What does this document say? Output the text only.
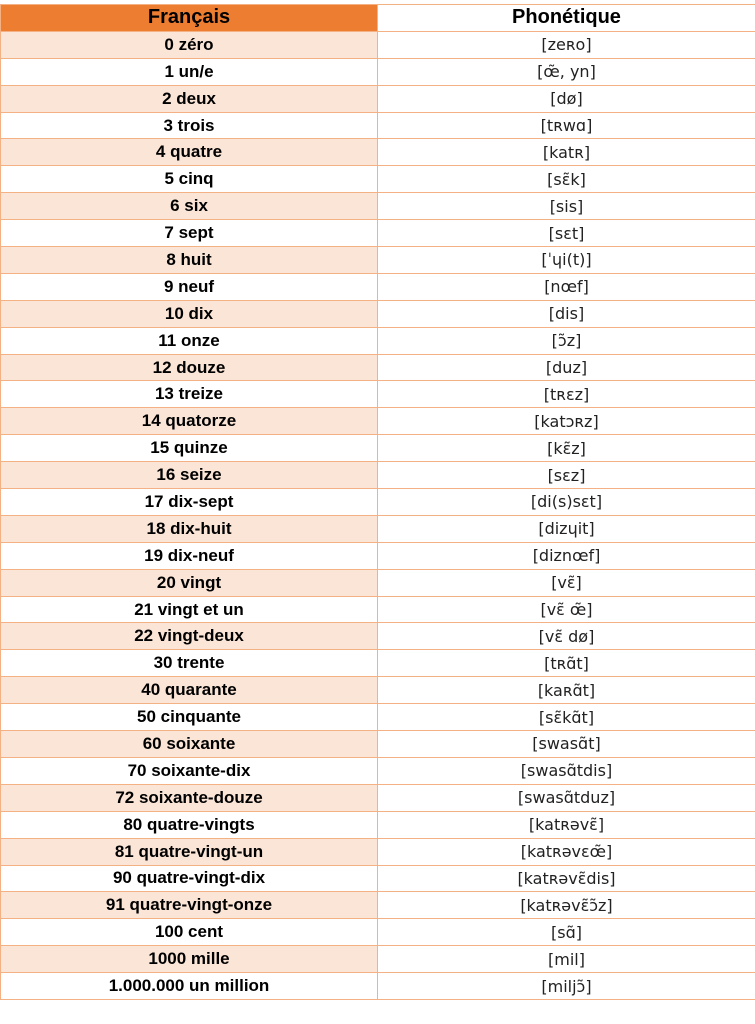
Français	Phonétique
0 zéro	[zeʀo]
1 un/e	[œ̃, yn]
2 deux	[dø]
3 trois	[tʀwɑ]
4 quatre	[katʀ]
5 cinq	[sɛ̃k]
6 six	[sis]
7 sept	[sɛt]
8 huit	[ˈɥi(t)]
9 neuf	[nœf]
10 dix	[dis]
11 onze	[ɔ̃z]
12 douze	[duz]
13 treize	[tʀɛz]
14 quatorze	[katɔʀz]
15 quinze	[kɛ̃z]
16 seize	[sɛz]
17 dix-sept	[di(s)sɛt]
18 dix-huit	[dizɥit]
19 dix-neuf	[diznœf]
20 vingt	[vɛ̃]
21 vingt et un	[vɛ̃ œ̃]
22 vingt-deux	[vɛ̃ dø]
30 trente	[tʀɑ̃t]
40 quarante	[kaʀɑ̃t]
50 cinquante	[sɛ̃kɑ̃t]
60 soixante	[swasɑ̃t]
70 soixante-dix	[swasɑ̃tdis]
72 soixante-douze	[swasɑ̃tduz]
80 quatre-vingts	[katʀəvɛ̃]
81 quatre-vingt-un	[katʀəvɛœ̃]
90 quatre-vingt-dix	[katʀəvɛ̃dis]
91 quatre-vingt-onze	[katʀəvɛ̃ɔ̃z]
100 cent	[sɑ̃]
1000 mille	[mil]
1.000.000 un million	[miljɔ̃]
